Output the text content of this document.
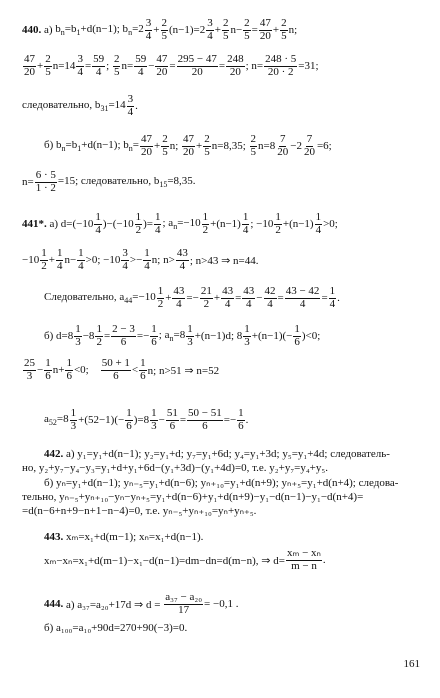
440.
а)
$b_n=b_1+d(n-1)$; $b_n=2 \frac{3}{4} + \frac{2}{5} (n-1)=2 \frac{3}{4} + \frac{2}{5} n- \frac{2}{5} = \frac{47}{20} + \frac{2}{5} n$;
$\frac{47}{20} + \frac{2}{5} n=14 \frac{3}{4} = \frac{59}{4}$ ;
$\frac{2}{5} n= \frac{59}{4} - \frac{47}{20} = \frac{295 - 47}{20} = \frac{248}{20}$ ; $n= \frac{248 \cdot 5}{20 \cdot 2} =31$;
следовательно, $b_{31}=14 \frac{3}{4}$ .
б) $b_n=b_1+d(n-1)$; $b_n= \frac{47}{20} + \frac{2}{5} n$;
$\frac{47}{20} + \frac{2}{5} n=8,35$;
$\frac{2}{5} n=8 \frac{7}{20} -2 \frac{7}{20} =6$;
$n= \frac{6 \cdot 5}{1 \cdot 2} =15$; следовательно, $b_{15}=8,35$.
441*.
а) $d=(-10 \frac{1}{4} )-(-10 \frac{1}{2}$ )= $\frac{1}{4}$ ; $a_n=-10 \frac{1}{2} +(n-1) \frac{1}{4}$ ; $-10 \frac{1}{2} +(n-1) \frac{1}{4} >0$;
$-10 \frac{1}{2} + \frac{1}{4} n- \frac{1}{4} >0$; $-10 \frac{3}{4} >- \frac{1}{4} n$; $n> \frac{43}{4}$ ; n>43 ⇒ n=44.
Следовательно, $a_{44}=-10 \frac{1}{2} + \frac{43}{4} =- \frac{21}{2} + \frac{43}{4} = \frac{43}{4} - \frac{42}{4} = \frac{43 - 42}{4} = \frac{1}{4}$ .
б) $d=8 \frac{1}{3} -8 \frac{1}{2} = \frac{2 - 3}{6} =- \frac{1}{6}$ ; $a_n=8 \frac{1}{3} +(n-1)d$; $8 \frac{1}{3} +(n-1)(- \frac{1}{6} )<0$;
$\frac{25}{3} - \frac{1}{6} n+ \frac{1}{6} <0$;
$\frac{50 + 1}{6} < \frac{1}{6} n$; n>51 ⇒ n=52
$a_{52}=8 \frac{1}{3} +(52-1)(- \frac{1}{6} )=8 \frac{1}{3} - \frac{51}{6} = \frac{50 - 51}{6} =- \frac{1}{6}$ .
442. а) y₁=y₁+d(n−1); y₂=y₁+d; y₇=y₁+6d; y₄=y₁+3d; y₅=y₁+4d; следователь-
но, y₂+y₇−y₄−y₃=y₁+d+y₁+6d−(y₁+3d)−(y₁+4d)=0, т.е. y₂+y₇=y₄+y₅.
б) yₙ=y₁+d(n−1); yₙ₋₅=y₁+d(n−6); yₙ₊₁₀=y₁+d(n+9); yₙ₊₅=y₁+d(n+4); следова-
тельно, yₙ₋₅+yₙ₊₁₀−yₙ−yₙ₊₅=y₁+d(n−6)+y₁+d(n+9)−y₁−d(n−1)−y₁−d(n+4)=
=d(n−6+n+9−n+1−n−4)=0, т.е. yₙ₋₅+yₙ₊₁₀=yₙ+yₙ₊₅.
443. xₘ=x₁+d(m−1); xₙ=x₁+d(n−1).
xₘ−xₙ=x₁+d(m−1)−x₁−d(n−1)=dm−dn=d(m−n), ⇒ $d= \frac{\text{xₘ − xₙ}}{m - n}$ .
444.
а) a₃₇=a₂₀+17d ⇒ d =
$\frac{\text{a₃₇ − a₂₀}}{17} = -0,1$ .
б) a₁₀₀=a₁₀+90d=270+90(−3)=0.
161
